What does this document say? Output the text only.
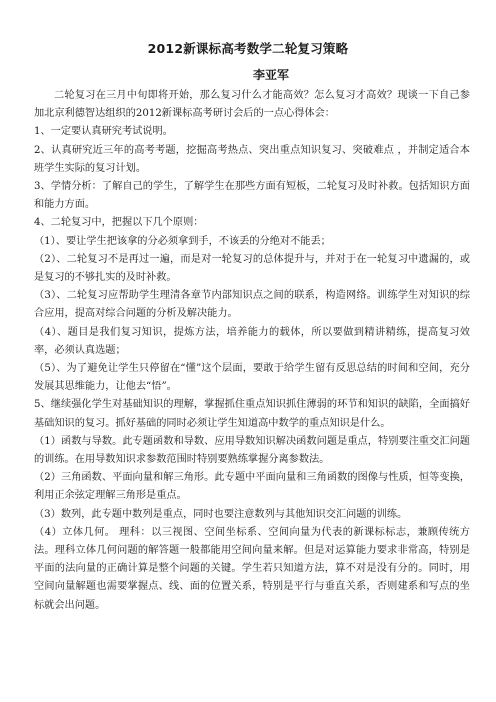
2012新课标高考数学二轮复习策略
李亚军

二轮复习在三月中旬即将开始，那么复习什么才能高效？怎么复习才高效？现谈一下自己参加北京利德智达组织的2012新课标高考研讨会后的一点心得体会：

1、一定要认真研究考试说明。

2、认真研究近三年的高考考题，挖掘高考热点、突出重点知识复习、突破难点 ，并制定适合本班学生实际的复习计划。

3、学情分析：了解自己的学生，了解学生在那些方面有短板，二轮复习及时补救。包括知识方面和能力方面。

4、二轮复习中，把握以下几个原则：

（1）、要让学生把该拿的分必须拿到手，不该丢的分绝对不能丢；

（2）、二轮复习不是再过一遍，而是对一轮复习的总体提升与，并对于在一轮复习中遗漏的，或是复习的不够扎实的及时补救。

（3）、二轮复习应帮助学生理清各章节内部知识点之间的联系，构造网络。训练学生对知识的综合应用，提高对综合问题的分析及解决能力。

（4）、题目是我们复习知识，提炼方法，培养能力的载体，所以要做到精讲精练，提高复习效率，必须认真选题；

（5）、为了避免让学生只停留在“懂”这个层面，要敢于给学生留有反思总结的时间和空间，充分发展其思维能力，让他去“悟”。

5、继续强化学生对基础知识的理解，掌握抓住重点知识抓住薄弱的环节和知识的缺陷，全面搞好基础知识的复习。抓好基础的同时必须让学生知道高中数学的重点知识是什么。

（1）函数与导数。此专题函数和导数、应用导数知识解决函数问题是重点，特别要注重交汇问题的训练。在用导数知识求参数范围时特别要熟练掌握分离参数法。

（2）三角函数、平面向量和解三角形。此专题中平面向量和三角函数的图像与性质，恒等变换，利用正余弦定理解三角形是重点。

（3）数列，此专题中数列是重点，同时也要注意数列与其他知识交汇问题的训练。

（4）立体几何。 理科：以三视图、空间坐标系、空间向量为代表的新课标标志，兼顾传统方法。理科立体几何问题的解答题一般都能用空间向量来解。但是对运算能力要求非常高，特别是平面的法向量的正确计算是整个问题的关键。学生若只知道方法，算不对是没有分的。同时，用空间向量解题也需要掌握点、线、面的位置关系，特别是平行与垂直关系，否则建系和写点的坐标就会出问题。
